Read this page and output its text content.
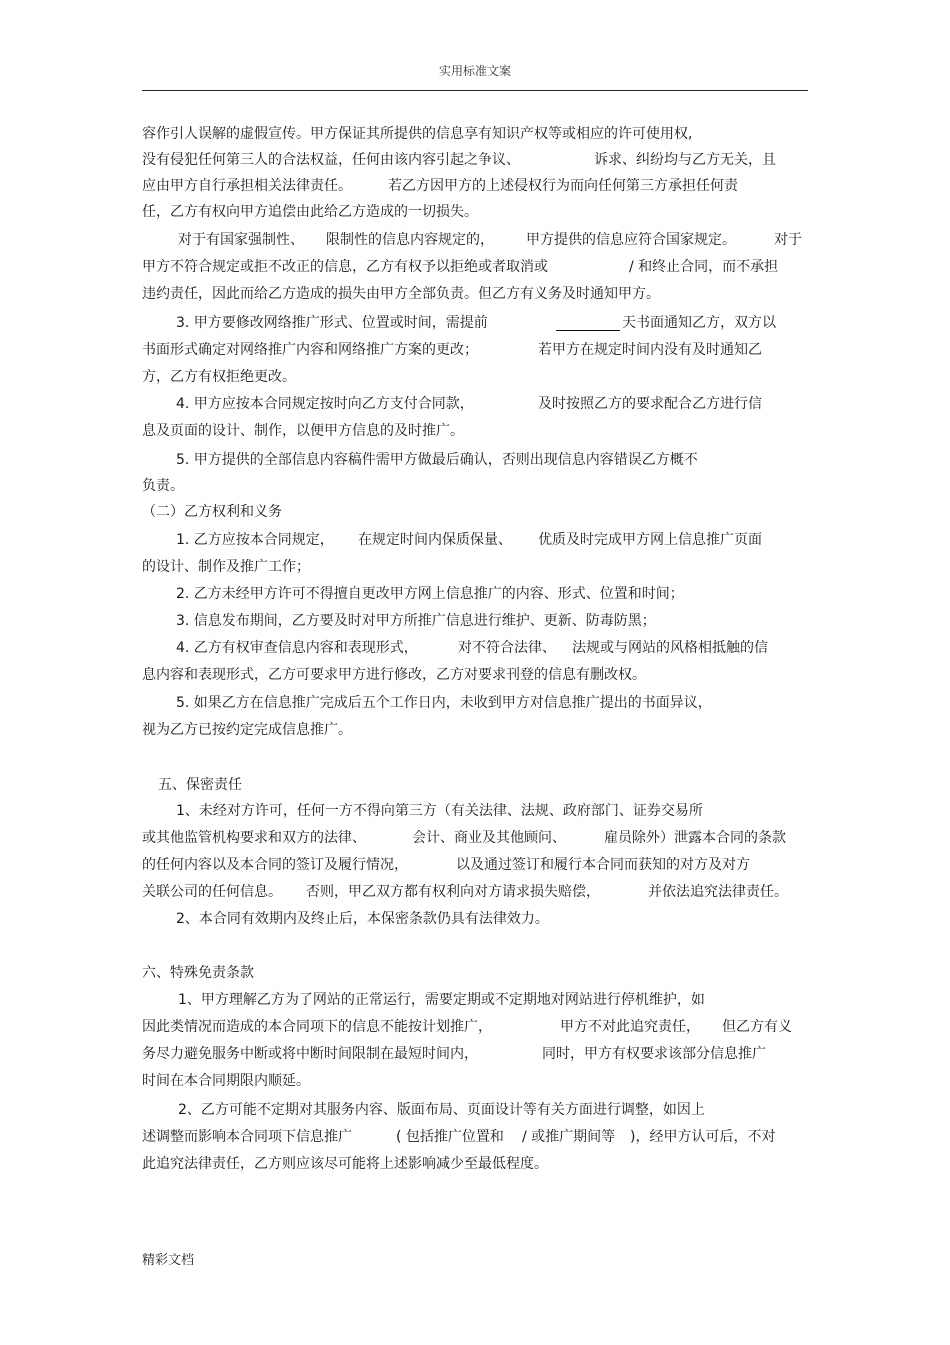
实用标准文案
容作引人误解的虚假宣传。甲方保证其所提供的信息享有知识产权等或相应的许可使用权,
没有侵犯任何第三人的合法权益，任何由该内容引起之争议、	诉求、纠纷均与乙方无关，且
应由甲方自行承担相关法律责任。	若乙方因甲方的上述侵权行为而向任何第三方承担任何责
任，乙方有权向甲方追偿由此给乙方造成的一切损失。
对于有国家强制性、 限制性的信息内容规定的， 甲方提供的信息应符合国家规定。	对于
甲方不符合规定或拒不改正的信息，乙方有权予以拒绝或者取消或	/ 和终止合同，而不承担
违约责任，因此而给乙方造成的损失由甲方全部负责。但乙方有义务及时通知甲方。
3. 甲方要修改网络推广形式、位置或时间，需提前	天书面通知乙方，双方以
书面形式确定对网络推广内容和网络推广方案的更改；	若甲方在规定时间内没有及时通知乙
方，乙方有权拒绝更改。
4. 甲方应按本合同规定按时向乙方支付合同款，	及时按照乙方的要求配合乙方进行信
息及页面的设计、制作，以便甲方信息的及时推广。
5. 甲方提供的全部信息内容稿件需甲方做最后确认，否则出现信息内容错误乙方概不
负责。
（二）乙方权利和义务
1. 乙方应按本合同规定， 在规定时间内保质保量、 优质及时完成甲方网上信息推广页面
的设计、制作及推广工作；
2. 乙方未经甲方许可不得擅自更改甲方网上信息推广的内容、形式、位置和时间；
3. 信息发布期间，乙方要及时对甲方所推广信息进行维护、更新、防毒防黑；
4. 乙方有权审查信息内容和表现形式，	对不符合法律、 法规或与网站的风格相抵触的信
息内容和表现形式，乙方可要求甲方进行修改，乙方对要求刊登的信息有删改权。
5. 如果乙方在信息推广完成后五个工作日内，未收到甲方对信息推广提出的书面异议，
视为乙方已按约定完成信息推广。
五、保密责任
1、未经对方许可，任何一方不得向第三方（有关法律、法规、政府部门、证券交易所
或其他监管机构要求和双方的法律、	会计、商业及其他顾问、	雇员除外）泄露本合同的条款
的任何内容以及本合同的签订及履行情况，	以及通过签订和履行本合同而获知的对方及对方
关联公司的任何信息。 否则，甲乙双方都有权利向对方请求损失赔偿，	并依法追究法律责任。
2、本合同有效期内及终止后，本保密条款仍具有法律效力。
六、特殊免责条款
1、甲方理解乙方为了网站的正常运行，需要定期或不定期地对网站进行停机维护，如
因此类情况而造成的本合同项下的信息不能按计划推广，	甲方不对此追究责任， 但乙方有义
务尽力避免服务中断或将中断时间限制在最短时间内，	同时，甲方有权要求该部分信息推广
时间在本合同期限内顺延。
2、乙方可能不定期对其服务内容、版面布局、页面设计等有关方面进行调整，如因上
述调整而影响本合同项下信息推广	( 包括推广位置和 / 或推广期间等 )，经甲方认可后，不对
此追究法律责任，乙方则应该尽可能将上述影响减少至最低程度。
精彩文档
